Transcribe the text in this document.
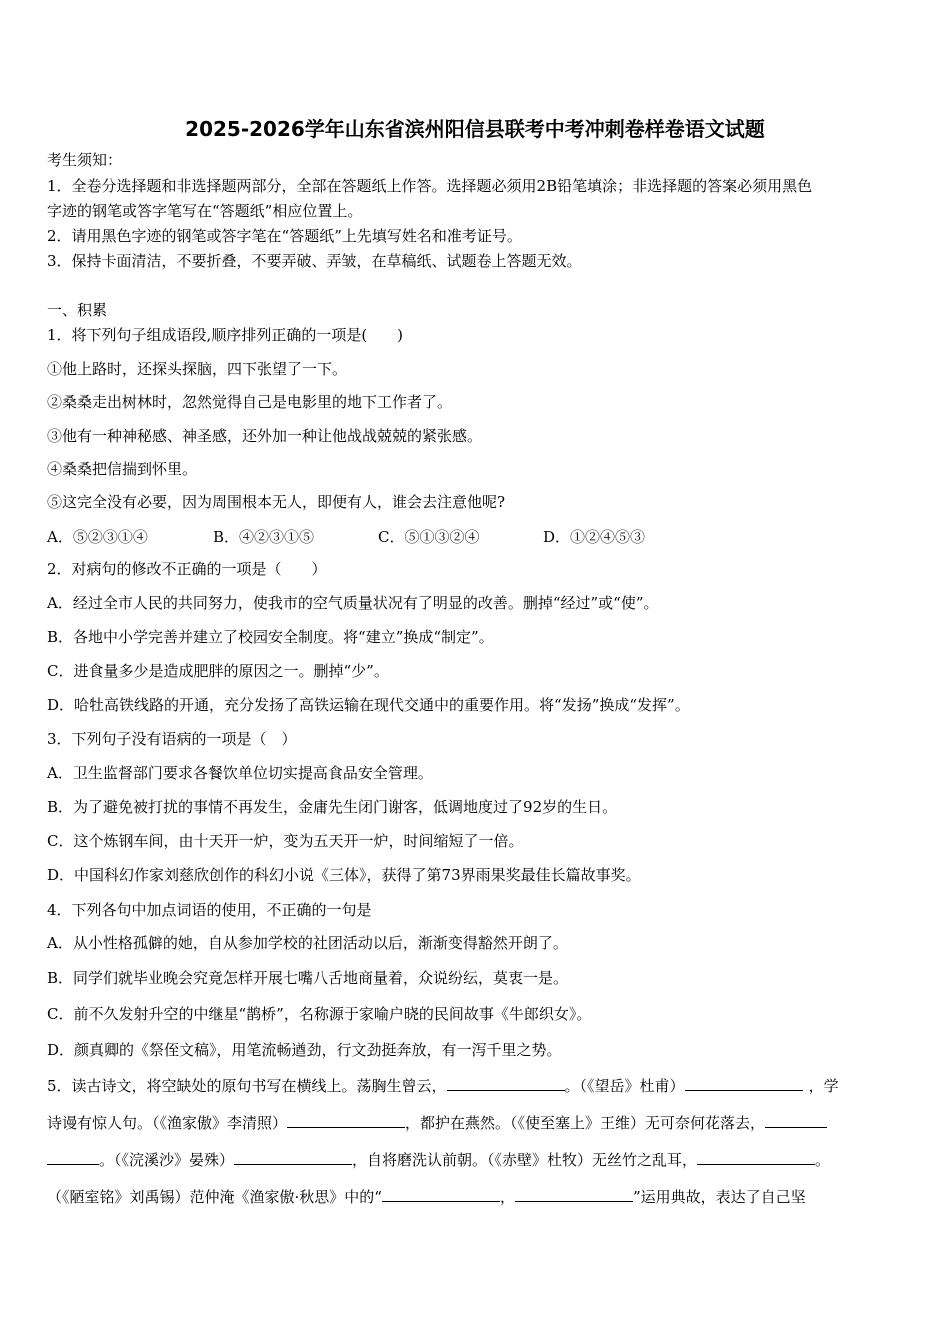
2025-2026学年山东省滨州阳信县联考中考冲刺卷样卷语文试题
考生须知：
1．全卷分选择题和非选择题两部分，全部在答题纸上作答。选择题必须用2B铅笔填涂；非选择题的答案必须用黑色
字迹的钢笔或答字笔写在“答题纸”相应位置上。
2．请用黑色字迹的钢笔或答字笔在“答题纸”上先填写姓名和准考证号。
3．保持卡面清洁，不要折叠，不要弄破、弄皱，在草稿纸、试题卷上答题无效。
一、积累
1．将下列句子组成语段,顺序排列正确的一项是(　　)
①他上路时，还探头探脑，四下张望了一下。
②桑桑走出树林时，忽然觉得自己是电影里的地下工作者了。
③他有一种神秘感、神圣感，还外加一种让他战战兢兢的紧张感。
④桑桑把信揣到怀里。
⑤这完全没有必要，因为周围根本无人，即便有人，谁会去注意他呢?
A．⑤②③①④	B．④②③①⑤	C．⑤①③②④	D．①②④⑤③
2．对病句的修改不正确的一项是（　　）
A．经过全市人民的共同努力，使我市的空气质量状况有了明显的改善。删掉“经过”或“使”。
B．各地中小学完善并建立了校园安全制度。将“建立”换成“制定”。
C．进食量多少是造成肥胖的原因之一。删掉“少”。
D．哈牡高铁线路的开通，充分发扬了高铁运输在现代交通中的重要作用。将“发扬”换成“发挥”。
3．下列句子没有语病的一项是（　）
A．卫生监督部门要求各餐饮单位切实提高食品安全管理。
B．为了避免被打扰的事情不再发生，金庸先生闭门谢客，低调地度过了92岁的生日。
C．这个炼钢车间，由十天开一炉，变为五天开一炉，时间缩短了一倍。
D．中国科幻作家刘慈欣创作的科幻小说《三体》，获得了第73界雨果奖最佳长篇故事奖。
4．下列各句中加点词语的使用，不正确的一句是
A．从小性格孤僻的她，自从参加学校的社团活动以后，渐渐变得豁然开朗了。
B．同学们就毕业晚会究竟怎样开展七嘴八舌地商量着，众说纷纭，莫衷一是。
C．前不久发射升空的中继星“鹊桥”，名称源于家喻户晓的民间故事《牛郎织女》。
D．颜真卿的《祭侄文稿》，用笔流畅遒劲，行文劲挺奔放，有一泻千里之势。
5．读古诗文，将空缺处的原句书写在横线上。荡胸生曾云，	。（《望岳》杜甫）	，学
诗谩有惊人句。（《渔家傲》李清照）	，都护在燕然。（《使至塞上》王维）无可奈何花落去，
。（《浣溪沙》晏殊）	，自将磨洗认前朝。（《赤壁》杜牧）无丝竹之乱耳，	。
（《陋室铭》刘禹锡）范仲淹《渔家傲·秋思》中的“	，	”运用典故，表达了自己坚
